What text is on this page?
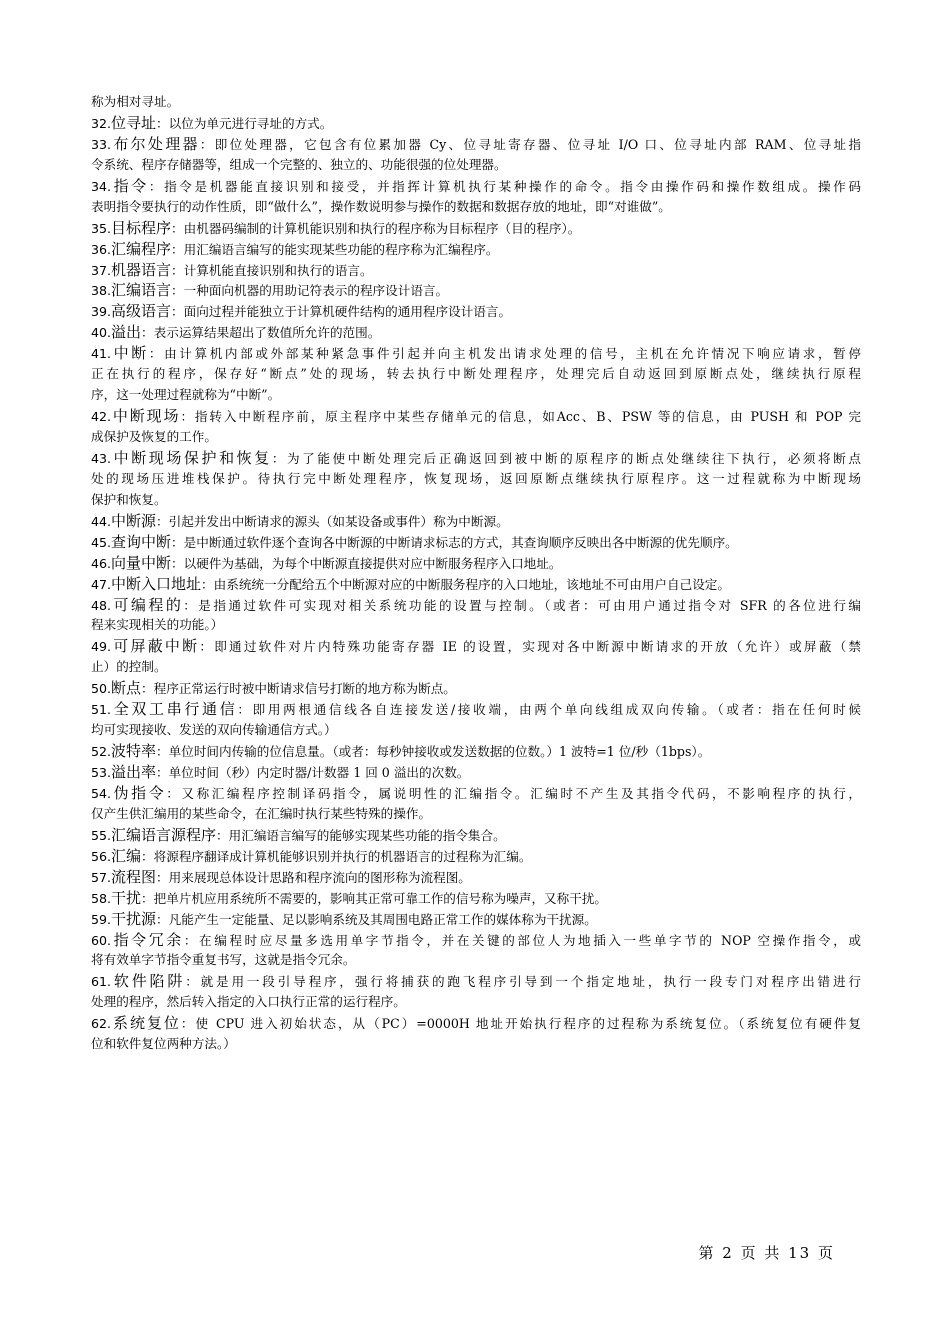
称为相对寻址。
32.位寻址：以位为单元进行寻址的方式。
33.布尔处理器：即位处理器，它包含有位累加器 Cy、位寻址寄存器、位寻址 I/O 口、位寻址内部 RAM、位寻址指
令系统、程序存储器等，组成一个完整的、独立的、功能很强的位处理器。
34.指令：指令是机器能直接识别和接受，并指挥计算机执行某种操作的命令。指令由操作码和操作数组成。操作码
表明指令要执行的动作性质，即“做什么”，操作数说明参与操作的数据和数据存放的地址，即“对谁做”。
35.目标程序：由机器码编制的计算机能识别和执行的程序称为目标程序（目的程序）。
36.汇编程序：用汇编语言编写的能实现某些功能的程序称为汇编程序。
37.机器语言：计算机能直接识别和执行的语言。
38.汇编语言：一种面向机器的用助记符表示的程序设计语言。
39.高级语言：面向过程并能独立于计算机硬件结构的通用程序设计语言。
40.溢出：表示运算结果超出了数值所允许的范围。
41.中断：由计算机内部或外部某种紧急事件引起并向主机发出请求处理的信号，主机在允许情况下响应请求，暂停
正在执行的程序，保存好“断点”处的现场，转去执行中断处理程序，处理完后自动返回到原断点处，继续执行原程
序，这一处理过程就称为“中断”。
42.中断现场：指转入中断程序前，原主程序中某些存储单元的信息，如Acc、B、PSW 等的信息，由 PUSH 和 POP 完
成保护及恢复的工作。
43.中断现场保护和恢复：为了能使中断处理完后正确返回到被中断的原程序的断点处继续往下执行，必须将断点
处的现场压进堆栈保护。待执行完中断处理程序，恢复现场，返回原断点继续执行原程序。这一过程就称为中断现场
保护和恢复。
44.中断源：引起并发出中断请求的源头（如某设备或事件）称为中断源。
45.查询中断：是中断通过软件逐个查询各中断源的中断请求标志的方式，其查询顺序反映出各中断源的优先顺序。
46.向量中断：以硬件为基础，为每个中断源直接提供对应中断服务程序入口地址。
47.中断入口地址：由系统统一分配给五个中断源对应的中断服务程序的入口地址，该地址不可由用户自己设定。
48.可编程的：是指通过软件可实现对相关系统功能的设置与控制。（或者：可由用户通过指令对 SFR 的各位进行编
程来实现相关的功能。）
49.可屏蔽中断：即通过软件对片内特殊功能寄存器 IE 的设置，实现对各中断源中断请求的开放（允许）或屏蔽（禁
止）的控制。
50.断点：程序正常运行时被中断请求信号打断的地方称为断点。
51.全双工串行通信：即用两根通信线各自连接发送/接收端，由两个单向线组成双向传输。（或者：指在任何时候
均可实现接收、发送的双向传输通信方式。）
52.波特率：单位时间内传输的位信息量。（或者：每秒钟接收或发送数据的位数。）1 波特=1 位/秒（1bps）。
53.溢出率：单位时间（秒）内定时器/计数器 1 回 0 溢出的次数。
54.伪指令：又称汇编程序控制译码指令，属说明性的汇编指令。汇编时不产生及其指令代码，不影响程序的执行，
仅产生供汇编用的某些命令，在汇编时执行某些特殊的操作。
55.汇编语言源程序：用汇编语言编写的能够实现某些功能的指令集合。
56.汇编：将源程序翻译成计算机能够识别并执行的机器语言的过程称为汇编。
57.流程图：用来展现总体设计思路和程序流向的图形称为流程图。
58.干扰：把单片机应用系统所不需要的，影响其正常可靠工作的信号称为噪声，又称干扰。
59.干扰源：凡能产生一定能量、足以影响系统及其周围电路正常工作的媒体称为干扰源。
60.指令冗余：在编程时应尽量多选用单字节指令，并在关键的部位人为地插入一些单字节的 NOP 空操作指令，或
将有效单字节指令重复书写，这就是指令冗余。
61.软件陷阱：就是用一段引导程序，强行将捕获的跑飞程序引导到一个指定地址，执行一段专门对程序出错进行
处理的程序，然后转入指定的入口执行正常的运行程序。
62.系统复位：使 CPU 进入初始状态，从（PC）=0000H 地址开始执行程序的过程称为系统复位。（系统复位有硬件复
位和软件复位两种方法。）
第 2 页 共 13 页
